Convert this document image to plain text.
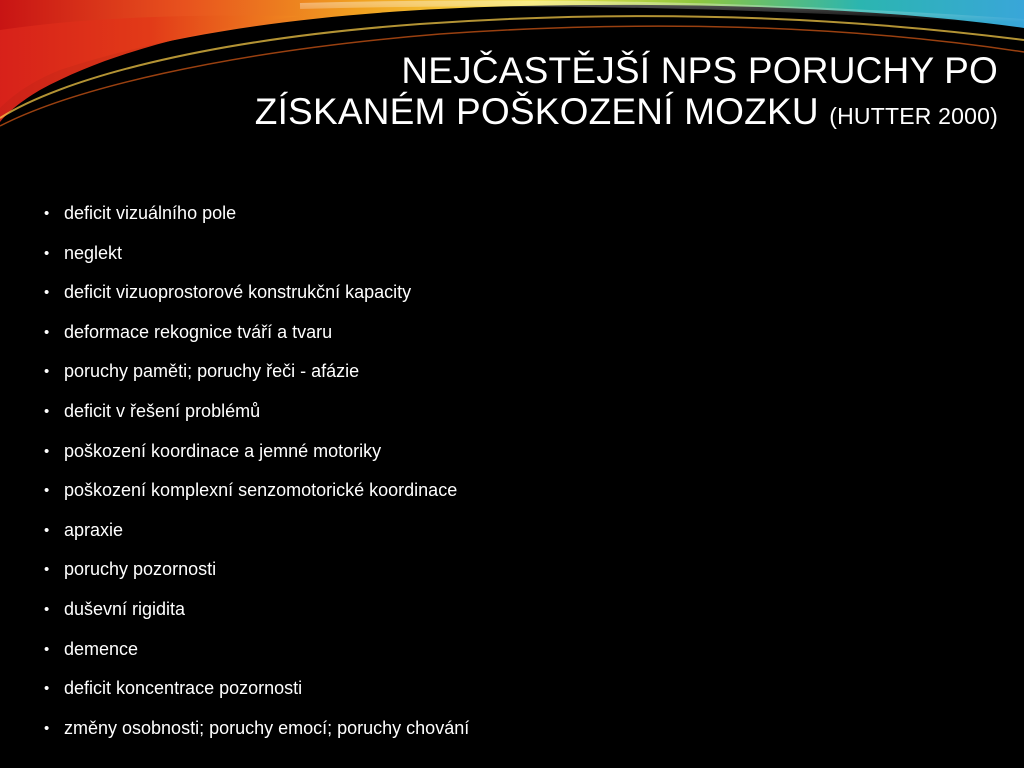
NEJČASTĚJŠÍ NPS PORUCHY PO ZÍSKANÉM POŠKOZENÍ MOZKU (HUTTER 2000)
• deficit vizuálního pole
• neglekt
• deficit vizuoprostorové konstrukční kapacity
• deformace rekognice tváří a tvaru
• poruchy paměti; poruchy řeči - afázie
• deficit v řešení problémů
• poškození koordinace a jemné motoriky
• poškození komplexní senzomotorické koordinace
• apraxie
• poruchy pozornosti
• duševní rigidita
• demence
• deficit koncentrace pozornosti
• změny osobnosti; poruchy emocí; poruchy chování
